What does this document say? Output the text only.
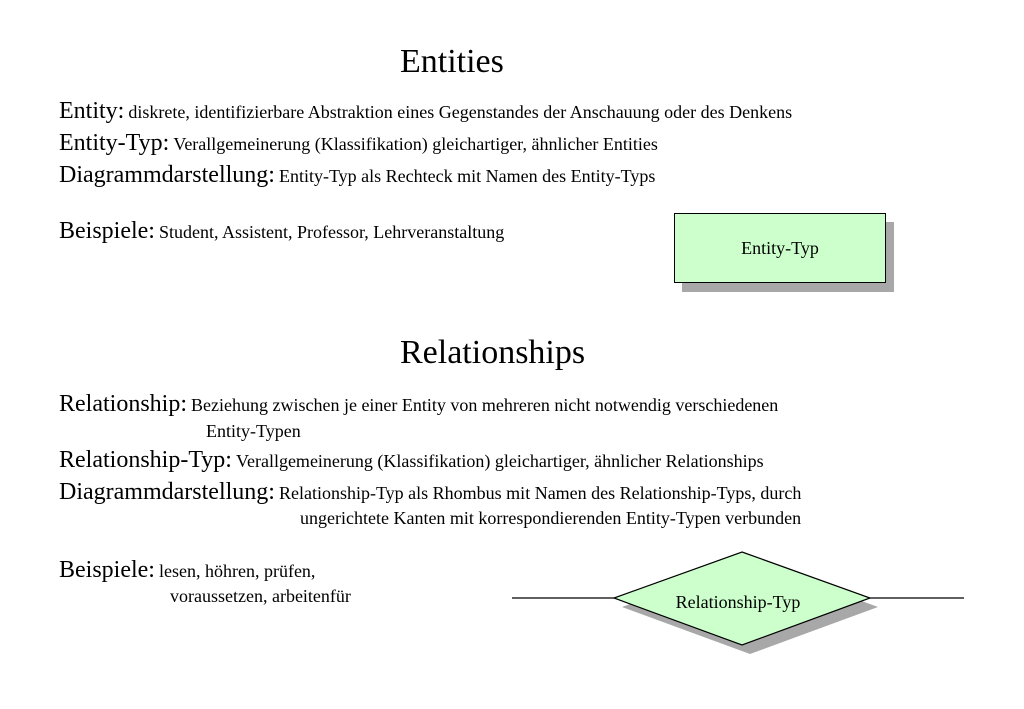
Entities
Entity: diskrete, identifizierbare Abstraktion eines Gegenstandes der Anschauung oder des Denkens
Entity-Typ: Verallgemeinerung (Klassifikation) gleichartiger, ähnlicher Entities
Diagrammdarstellung: Entity-Typ als Rechteck mit Namen des Entity-Typs
Beispiele: Student, Assistent, Professor, Lehrveranstaltung
Entity-Typ
Relationships
Relationship: Beziehung zwischen je einer Entity von mehreren nicht notwendig verschiedenen
Entity-Typen
Relationship-Typ: Verallgemeinerung (Klassifikation) gleichartiger, ähnlicher Relationships
Diagrammdarstellung: Relationship-Typ als Rhombus mit Namen des Relationship-Typs, durch
ungerichtete Kanten mit korrespondierenden Entity-Typen verbunden
Beispiele: lesen, höhren, prüfen,
voraussetzen, arbeitenfür	Relationship-Typ
